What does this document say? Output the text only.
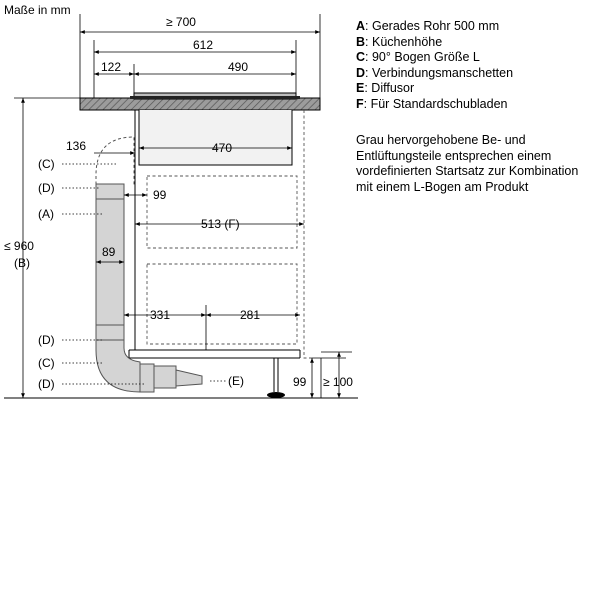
Maße in mm
≥ 700
612
122	490
136	470
99
513 (F)
89
331	281
≤ 960
(B)
99 ≥ 100
(C)
(D)
(A)
(D)
(C)
(D)	(E)
A: Gerades Rohr 500 mm
B: Küchenhöhe
C: 90° Bogen Größe L
D: Verbindungsmanschetten
E: Diffusor
F: Für Standardschubladen
Grau hervorgehobene Be- und Entlüftungsteile entsprechen einem vordefinierten Startsatz zur Kombination mit einem L-Bogen am Produkt
